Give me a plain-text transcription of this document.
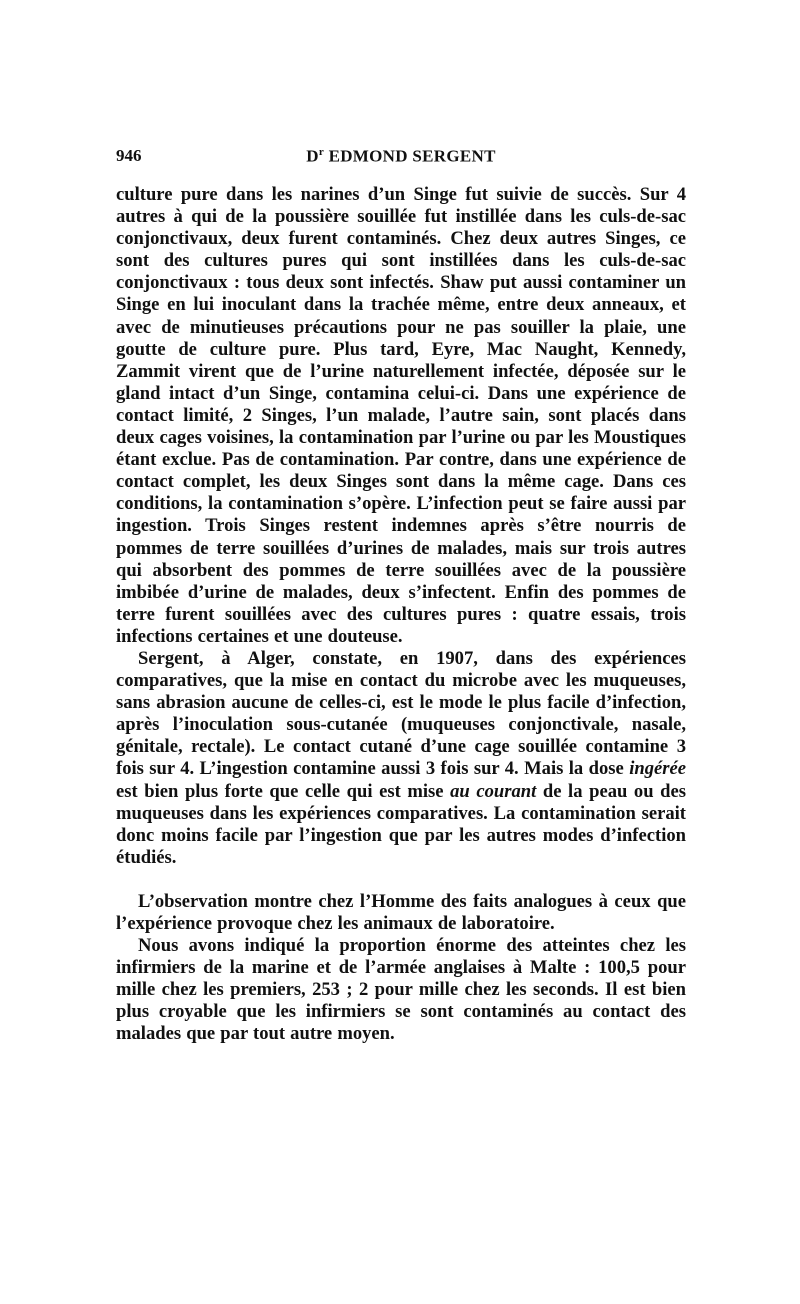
946	$D^r$ EDMOND SERGENT

culture pure dans les narines d’un Singe fut suivie de succès. Sur 4 autres à qui de la poussière souillée fut instillée dans les culs-de-sac conjonctivaux, deux furent contaminés. Chez deux autres Singes, ce sont des cultures pures qui sont instillées dans les culs-de-sac conjonctivaux : tous deux sont infectés. Shaw put aussi contaminer un Singe en lui inoculant dans la trachée même, entre deux anneaux, et avec de minutieuses précautions pour ne pas souiller la plaie, une goutte de culture pure. Plus tard, Eyre, Mac Naught, Kennedy, Zammit virent que de l’urine naturellement infectée, déposée sur le gland intact d’un Singe, contamina celui-ci. Dans une expérience de contact limité, 2 Singes, l’un malade, l’autre sain, sont placés dans deux cages voisines, la contamination par l’urine ou par les Moustiques étant exclue. Pas de contamination. Par contre, dans une expérience de contact complet, les deux Singes sont dans la même cage. Dans ces conditions, la contamination s’opère. L’infection peut se faire aussi par ingestion. Trois Singes restent indemnes après s’être nourris de pommes de terre souillées d’urines de malades, mais sur trois autres qui absorbent des pommes de terre souillées avec de la poussière imbibée d’urine de malades, deux s’infectent. Enfin des pommes de terre furent souillées avec des cultures pures : quatre essais, trois infections certaines et une douteuse.

Sergent, à Alger, constate, en 1907, dans des expériences comparatives, que la mise en contact du microbe avec les muqueuses, sans abrasion aucune de celles-ci, est le mode le plus facile d’infection, après l’inoculation sous-cutanée (muqueuses conjonctivale, nasale, génitale, rectale). Le contact cutané d’une cage souillée contamine 3 fois sur 4. L’ingestion contamine aussi 3 fois sur 4. Mais la dose ingérée est bien plus forte que celle qui est mise au courant de la peau ou des muqueuses dans les expériences comparatives. La contamination serait donc moins facile par l’ingestion que par les autres modes d’infection étudiés.

L’observation montre chez l’Homme des faits analogues à ceux que l’expérience provoque chez les animaux de laboratoire.

Nous avons indiqué la proportion énorme des atteintes chez les infirmiers de la marine et de l’armée anglaises à Malte : 100,5 pour mille chez les premiers, 253 ; 2 pour mille chez les seconds. Il est bien plus croyable que les infirmiers se sont contaminés au contact des malades que par tout autre moyen.
